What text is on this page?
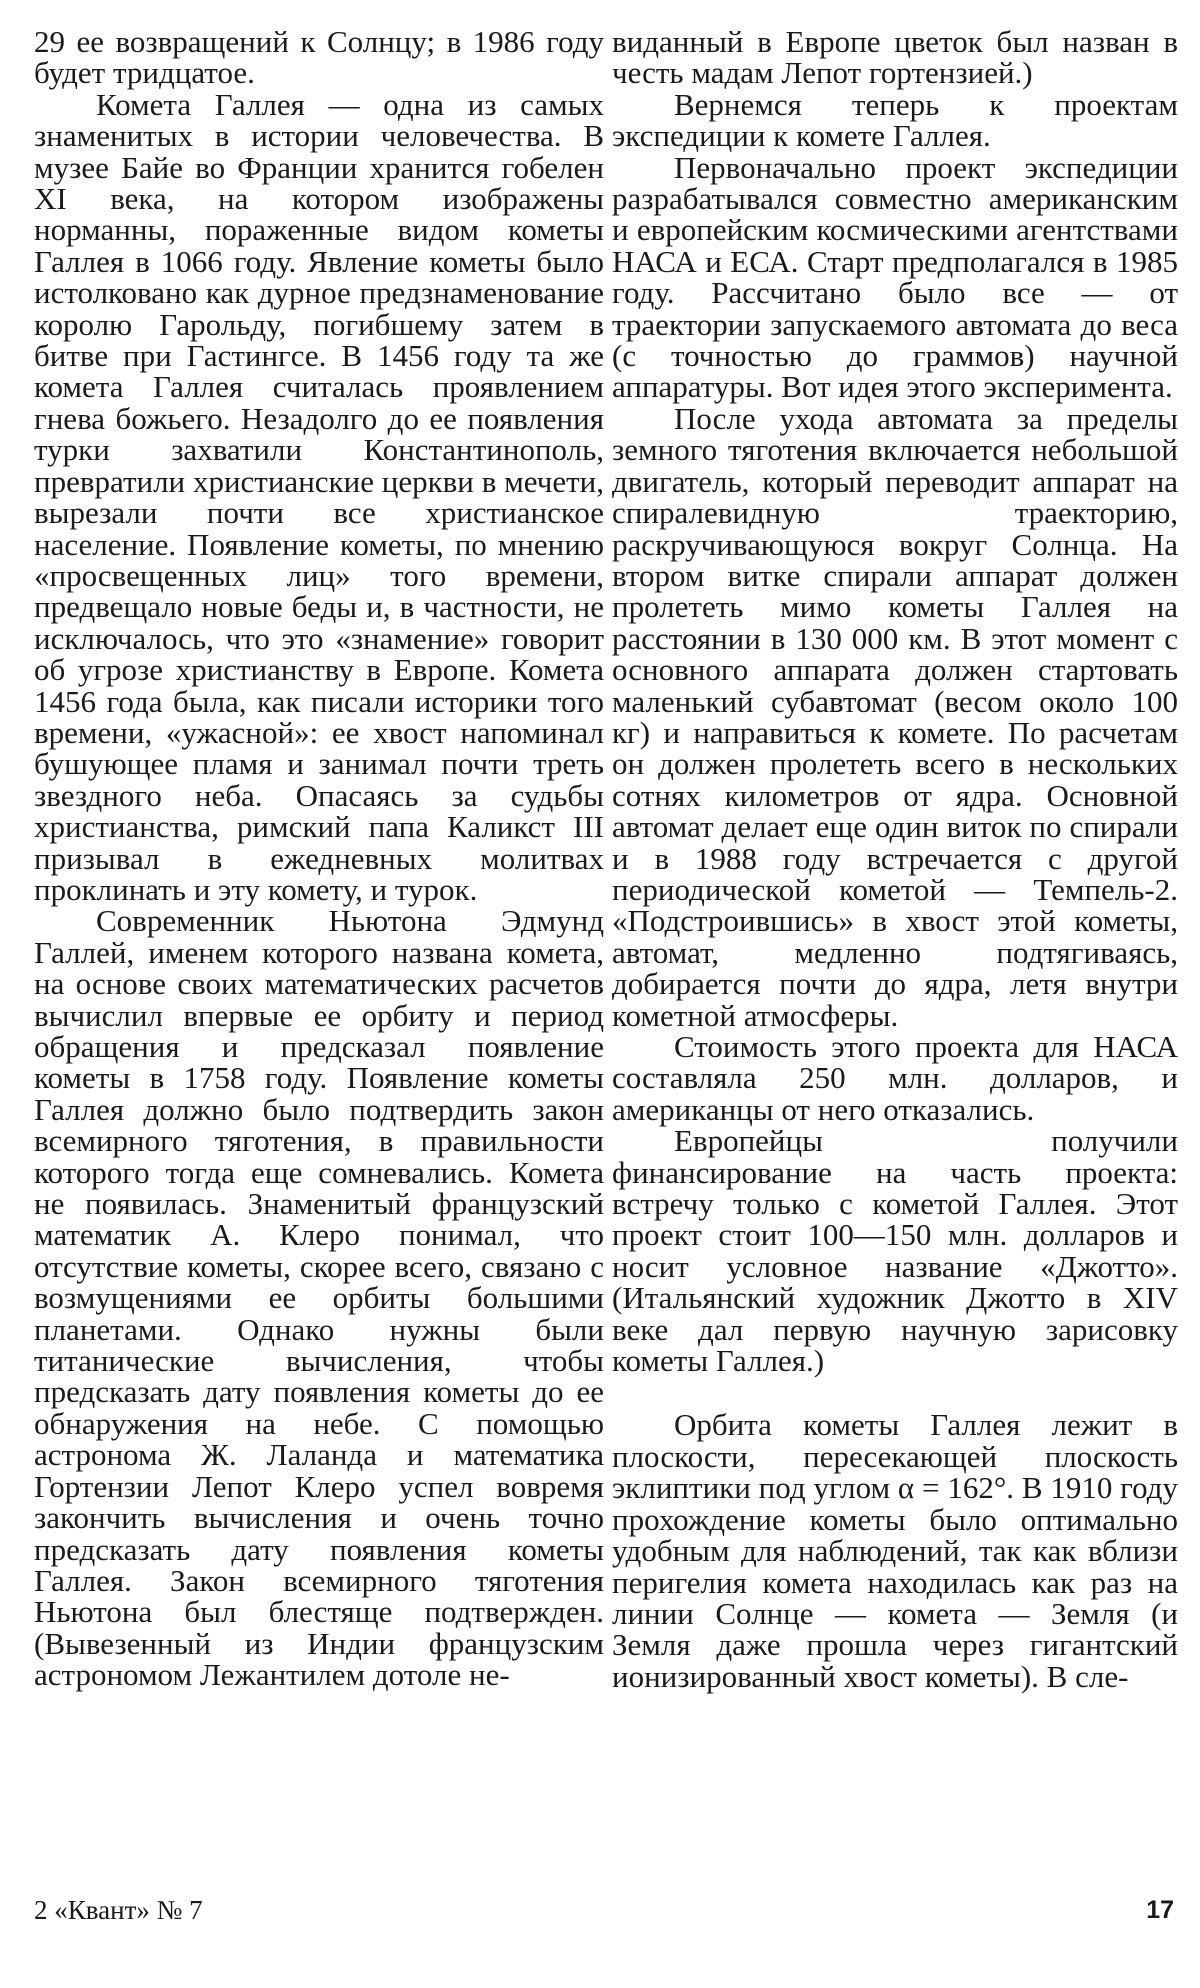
29 ее возвращений к Солнцу; в 1986 году будет тридцатое.

Комета Галлея — одна из самых знаменитых в истории человечества. В музее Байе во Франции хранится гобелен XI века, на котором изображены норманны, пораженные видом кометы Галлея в 1066 году. Явление кометы было истолковано как дурное предзнаменование королю Гарольду, погибшему затем в битве при Гастингсе. В 1456 году та же комета Галлея считалась проявлением гнева божьего. Незадолго до ее появления турки захватили Константинополь, превратили христианские церкви в мечети, вырезали почти все христианское население. Появление кометы, по мнению «просвещенных лиц» того времени, предвещало новые беды и, в частности, не исключалось, что это «знамение» говорит об угрозе христианству в Европе. Комета 1456 года была, как писали историки того времени, «ужасной»: ее хвост напоминал бушующее пламя и занимал почти треть звездного неба. Опасаясь за судьбы христианства, римский папа Каликст III призывал в ежедневных молитвах проклинать и эту комету, и турок.

Современник Ньютона Эдмунд Галлей, именем которого названа комета, на основе своих математических расчетов вычислил впервые ее орбиту и период обращения и предсказал появление кометы в 1758 году. Появление кометы Галлея должно было подтвердить закон всемирного тяготения, в правильности которого тогда еще сомневались. Комета не появилась. Знаменитый французский математик А. Клеро понимал, что отсутствие кометы, скорее всего, связано с возмущениями ее орбиты большими планетами. Однако нужны были титанические вычисления, чтобы предсказать дату появления кометы до ее обнаружения на небе. С помощью астронома Ж. Лаланда и математика Гортензии Лепот Клеро успел вовремя закончить вычисления и очень точно предсказать дату появления кометы Галлея. Закон всемирного тяготения Ньютона был блестяще подтвержден. (Вывезенный из Индии французским астрономом Лежантилем дотоле не-

виданный в Европе цветок был назван в честь мадам Лепот гортензией.)

Вернемся теперь к проектам экспедиции к комете Галлея.

Первоначально проект экспедиции разрабатывался совместно американским и европейским космическими агентствами НАСА и ЕСА. Старт предполагался в 1985 году. Рассчитано было все — от траектории запускаемого автомата до веса (с точностью до граммов) научной аппаратуры. Вот идея этого эксперимента.

После ухода автомата за пределы земного тяготения включается небольшой двигатель, который переводит аппарат на спиралевидную траекторию, раскручивающуюся вокруг Солнца. На втором витке спирали аппарат должен пролететь мимо кометы Галлея на расстоянии в 130 000 км. В этот момент с основного аппарата должен стартовать маленький субавтомат (весом около 100 кг) и направиться к комете. По расчетам он должен пролететь всего в нескольких сотнях километров от ядра. Основной автомат делает еще один виток по спирали и в 1988 году встречается с другой периодической кометой — Темпель-2. «Подстроившись» в хвост этой кометы, автомат, медленно подтягиваясь, добирается почти до ядра, летя внутри кометной атмосферы.

Стоимость этого проекта для НАСА составляла 250 млн. долларов, и американцы от него отказались.

Европейцы получили финансирование на часть проекта: встречу только с кометой Галлея. Этот проект стоит 100—150 млн. долларов и носит условное название «Джотто». (Итальянский художник Джотто в XIV веке дал первую научную зарисовку кометы Галлея.)

Орбита кометы Галлея лежит в плоскости, пересекающей плоскость эклиптики под углом α = 162°. В 1910 году прохождение кометы было оптимально удобным для наблюдений, так как вблизи перигелия комета находилась как раз на линии Солнце — комета — Земля (и Земля даже прошла через гигантский ионизированный хвост кометы). В сле-

2 «Квант» № 7	17
